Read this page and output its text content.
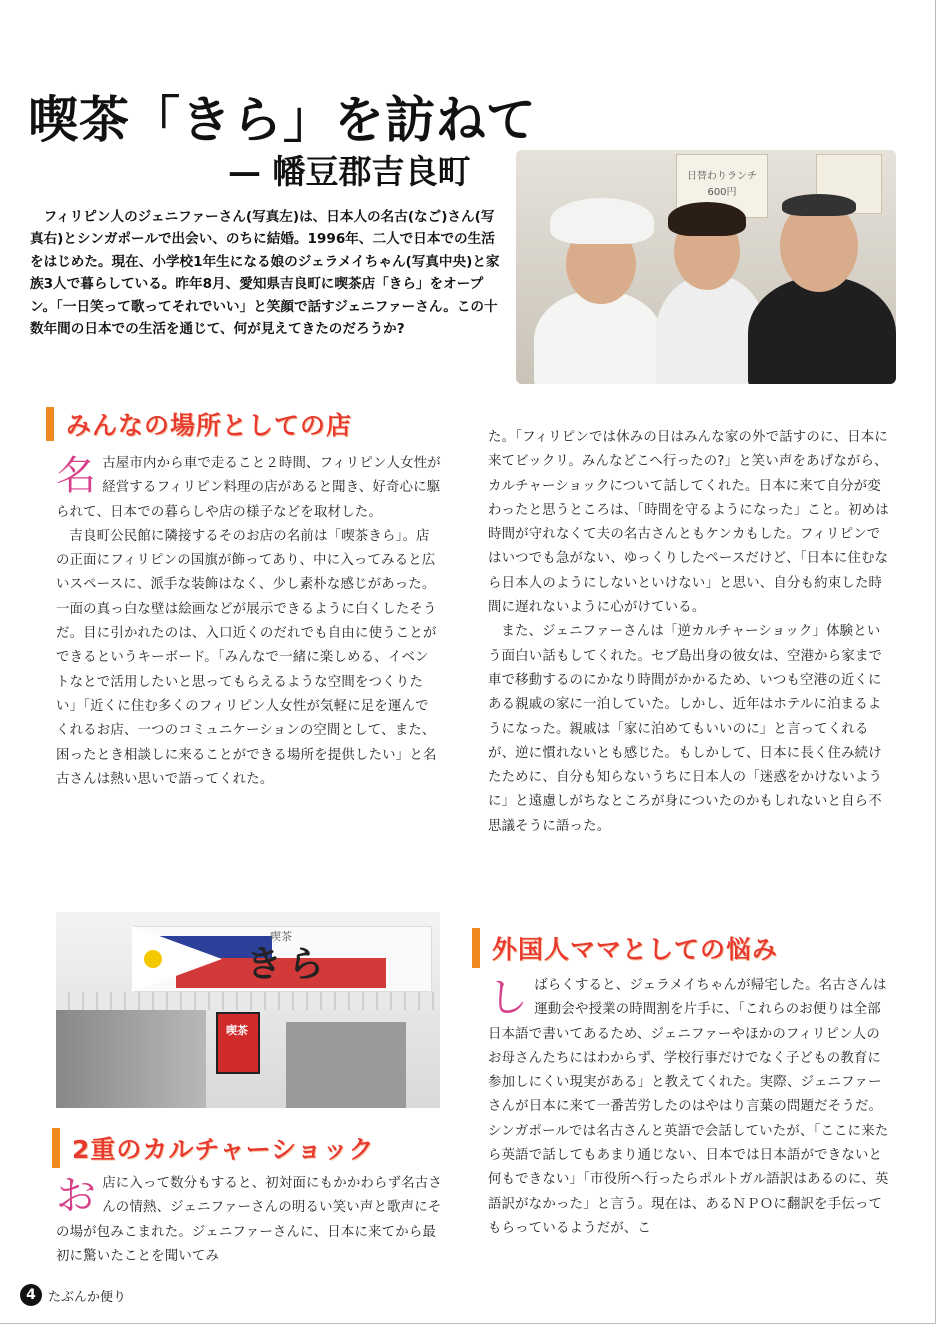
喫茶「きら」を訪ねて
— 幡豆郡吉良町

フィリピン人のジェニファーさん(写真左)は、日本人の名古(なご)さん(写真右)とシンガポールで出会い、のちに結婚。1996年、二人で日本での生活をはじめた。現在、小学校1年生になる娘のジェラメイちゃん(写真中央)と家族3人で暮らしている。昨年8月、愛知県吉良町に喫茶店「きら」をオープン。「一日笑って歌ってそれでいい」と笑顔で話すジェニファーさん。この十数年間の日本での生活を通じて、何が見えてきたのだろうか?

日替わりランチ 600円
みんなの場所としての店
名 古屋市内から車で走ること２時間、フィリピン人女性が経営するフィリピン料理の店があると聞き、好奇心に駆られて、日本での暮らしや店の様子などを取材した。

吉良町公民館に隣接するそのお店の名前は「喫茶きら」。店の正面にフィリピンの国旗が飾ってあり、中に入ってみると広いスペースに、派手な装飾はなく、少し素朴な感じがあった。一面の真っ白な壁は絵画などが展示できるように白くしたそうだ。目に引かれたのは、入口近くのだれでも自由に使うことができるというキーボード。「みんなで一緒に楽しめる、イベントなとで活用したいと思ってもらえるような空間をつくりたい」「近くに住む多くのフィリピン人女性が気軽に足を運んでくれるお店、一つのコミュニケーションの空間として、また、困ったとき相談しに来ることができる場所を提供したい」と名古さんは熱い思いで語ってくれた。

喫茶
きら
喫茶
2重のカルチャーショック
お 店に入って数分もすると、初対面にもかかわらず名古さんの情熱、ジェニファーさんの明るい笑い声と歌声にその場が包みこまれた。ジェニファーさんに、日本に来てから最初に驚いたことを聞いてみ

た。「フィリピンでは休みの日はみんな家の外で話すのに、日本に来てビックリ。みんなどこへ行ったの?」と笑い声をあげながら、カルチャーショックについて話してくれた。日本に来て自分が変わったと思うところは、「時間を守るようになった」こと。初めは時間が守れなくて夫の名古さんともケンカもした。フィリピンではいつでも急がない、ゆっくりしたペースだけど、「日本に住むなら日本人のようにしないといけない」と思い、自分も約束した時間に遅れないように心がけている。

また、ジェニファーさんは「逆カルチャーショック」体験という面白い話もしてくれた。セブ島出身の彼女は、空港から家まで車で移動するのにかなり時間がかかるため、いつも空港の近くにある親戚の家に一泊していた。しかし、近年はホテルに泊まるようになった。親戚は「家に泊めてもいいのに」と言ってくれるが、逆に慣れないとも感じた。もしかして、日本に長く住み続けたために、自分も知らないうちに日本人の「迷惑をかけないように」と遠慮しがちなところが身についたのかもしれないと自ら不思議そうに語った。

外国人ママとしての悩み
し ばらくすると、ジェラメイちゃんが帰宅した。名古さんは運動会や授業の時間割を片手に、「これらのお便りは全部日本語で書いてあるため、ジェニファーやほかのフィリピン人のお母さんたちにはわからず、学校行事だけでなく子どもの教育に参加しにくい現実がある」と教えてくれた。実際、ジェニファーさんが日本に来て一番苦労したのはやはり言葉の問題だそうだ。シンガポールでは名古さんと英語で会話していたが、「ここに来たら英語で話してもあまり通じない、日本では日本語ができないと何もできない」「市役所へ行ったらポルトガル語訳はあるのに、英語訳がなかった」と言う。現在は、あるＮＰＯに翻訳を手伝ってもらっているようだが、こ

4 たぶんか便り
